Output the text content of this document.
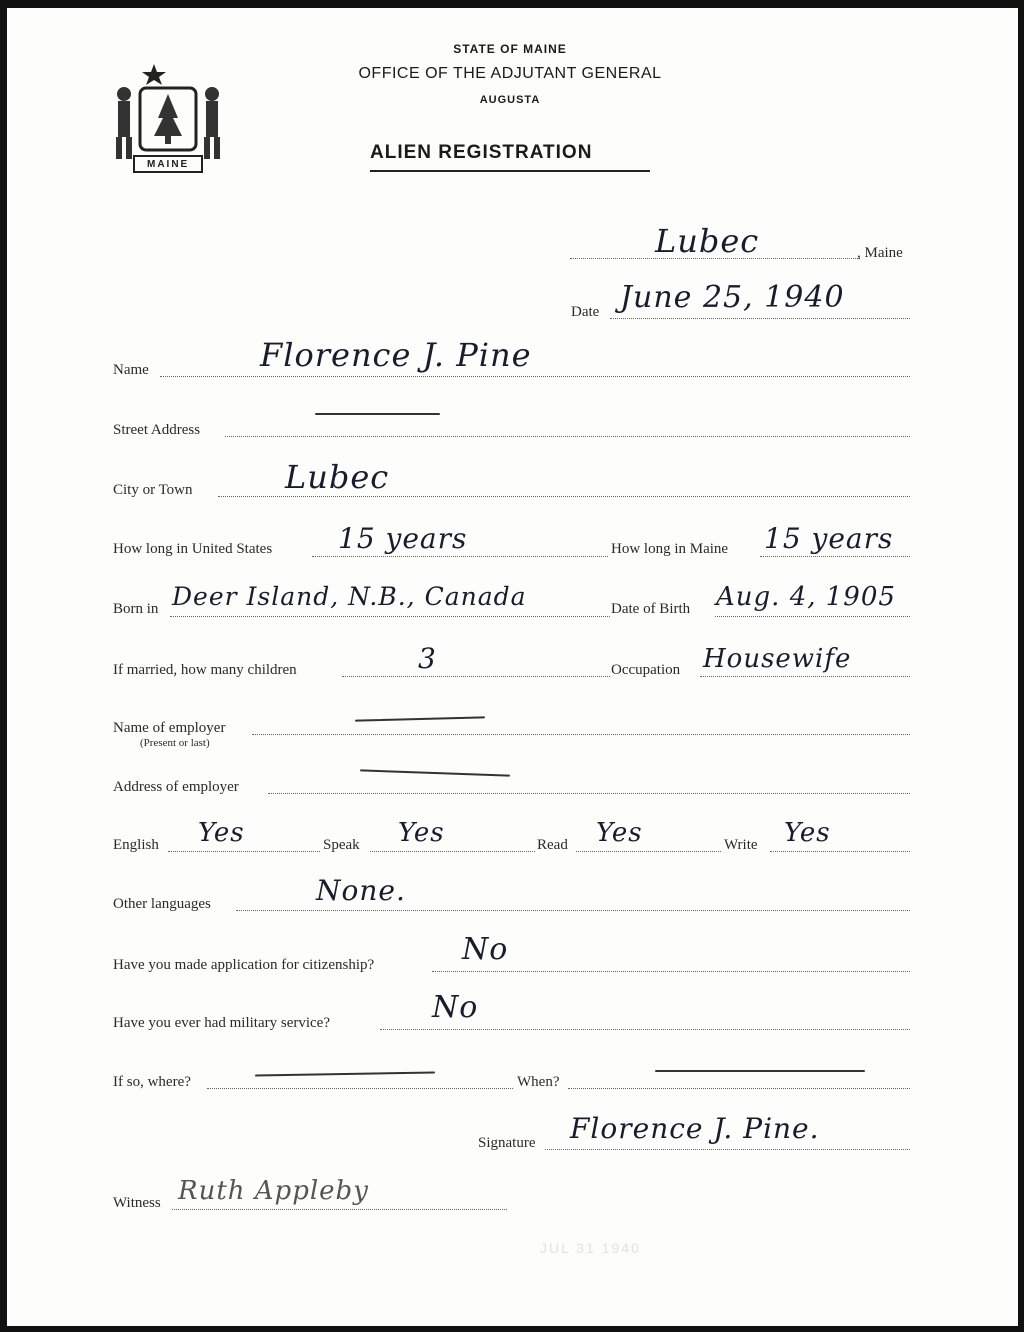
MAINE
STATE OF MAINE
OFFICE OF THE ADJUTANT GENERAL
AUGUSTA
ALIEN REGISTRATION
Lubec	, Maine
Date June 25, 1940
Name	Florence J. Pine
Street Address
City or Town	Lubec
How long in United States 15 years	How long in Maine 15 years
Born in Deer Island, N.B., Canada	Date of Birth Aug. 4, 1905
If married, how many children	3	Occupation Housewife
Name of employer
(Present or last)
Address of employer
English Yes	Speak Yes	Read Yes	Write Yes
Other languages	None.
Have you made application for citizenship?	No
Have you ever had military service?	No
If so, where?	When?
Signature Florence J. Pine.
Witness Ruth Appleby
JUL 31 1940
